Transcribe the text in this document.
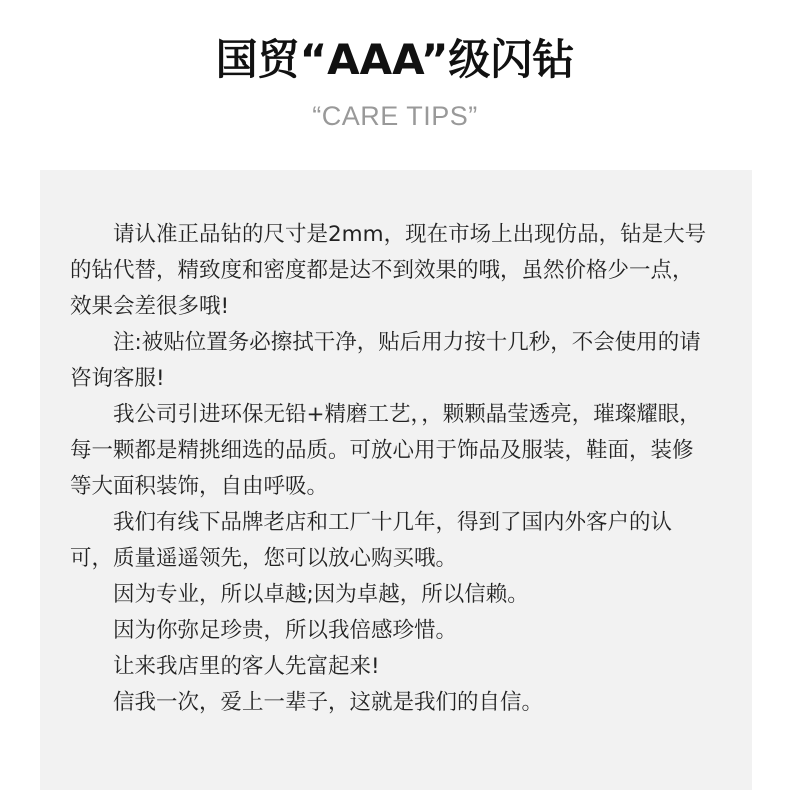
国贸“AAA”级闪钻
“CARE TIPS”

请认准正品钻的尺寸是2mm，现在市场上出现仿品，钻是大号的钻代替，精致度和密度都是达不到效果的哦，虽然价格少一点，效果会差很多哦!

注:被贴位置务必擦拭干净，贴后用力按十几秒，不会使用的请咨询客服!

我公司引进环保无铅+精磨工艺，，颗颗晶莹透亮，璀璨耀眼，每一颗都是精挑细选的品质。可放心用于饰品及服装，鞋面，装修等大面积装饰，自由呼吸。

我们有线下品牌老店和工厂十几年，得到了国内外客户的认可，质量遥遥领先，您可以放心购买哦。

因为专业，所以卓越;因为卓越，所以信赖。

因为你弥足珍贵，所以我倍感珍惜。

让来我店里的客人先富起来!

信我一次，爱上一辈子，这就是我们的自信。
